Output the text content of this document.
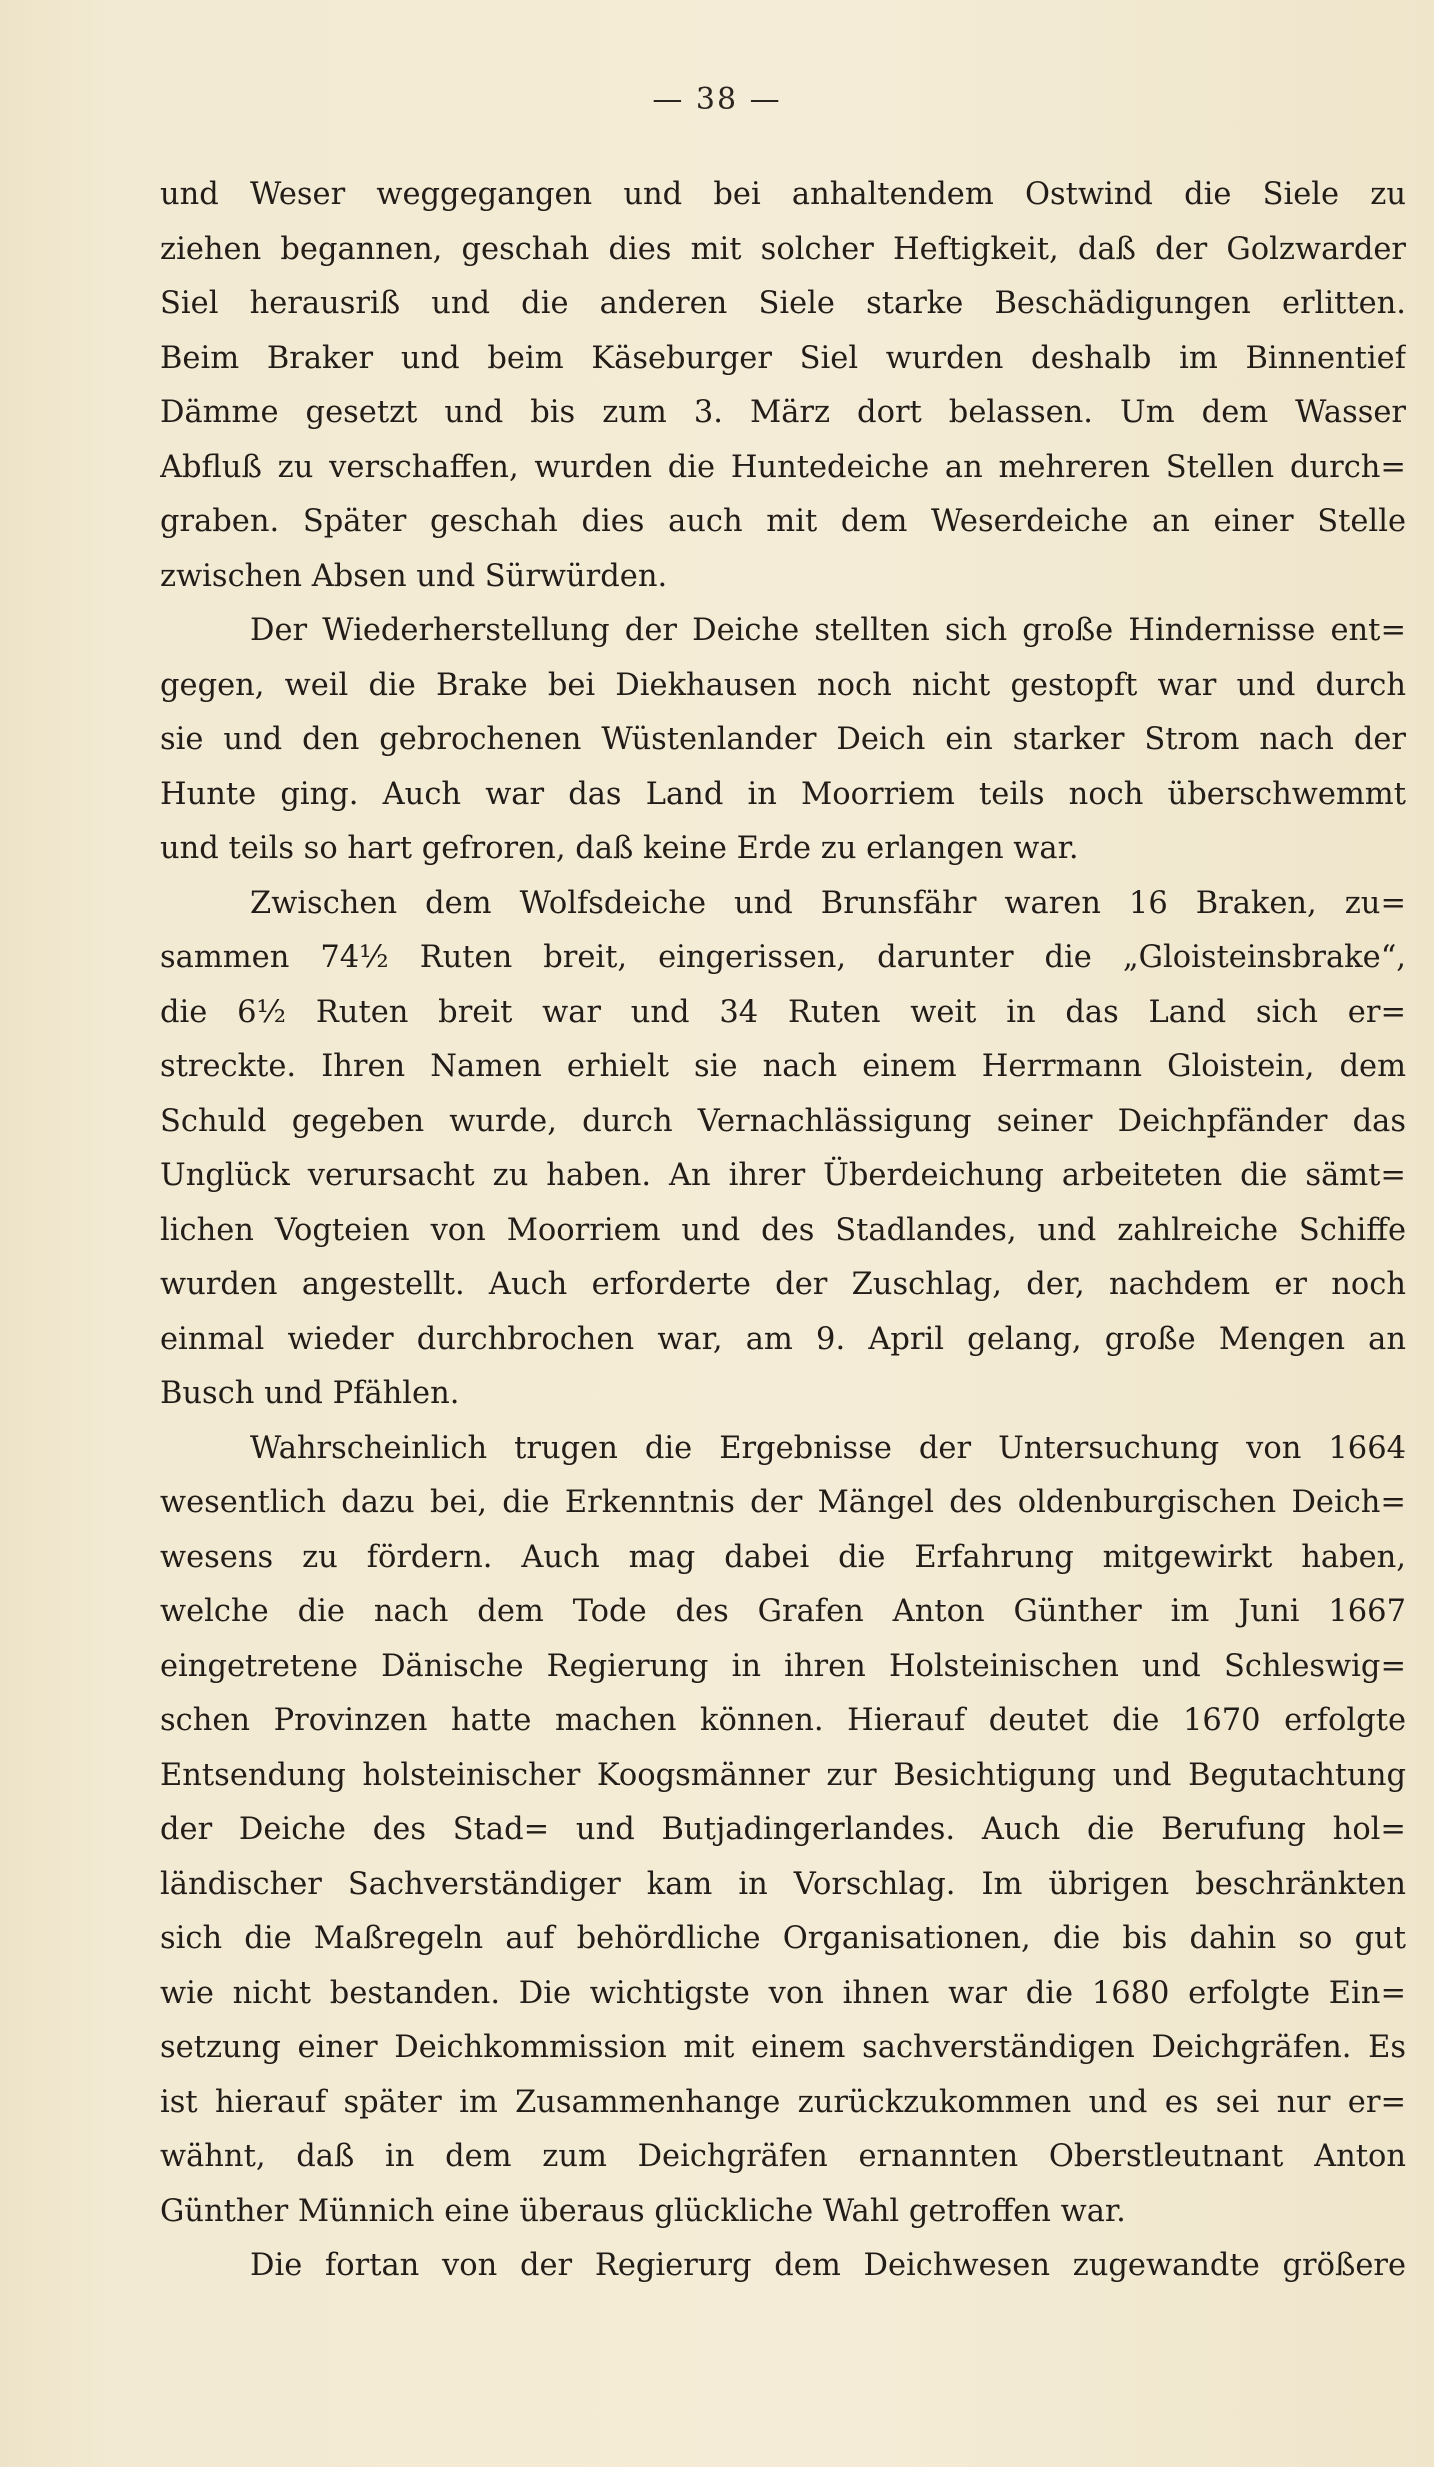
— 38 —
und Weser weggegangen und bei anhaltendem Ostwind die Siele zu
ziehen begannen, geschah dies mit solcher Heftigkeit, daß der Golzwarder
Siel herausriß und die anderen Siele starke Beschädigungen erlitten.
Beim Braker und beim Käseburger Siel wurden deshalb im Binnentief
Dämme gesetzt und bis zum 3. März dort belassen. Um dem Wasser
Abfluß zu verschaffen, wurden die Huntedeiche an mehreren Stellen durch=
graben. Später geschah dies auch mit dem Weserdeiche an einer Stelle
zwischen Absen und Sürwürden.
Der Wiederherstellung der Deiche stellten sich große Hindernisse ent=
gegen, weil die Brake bei Diekhausen noch nicht gestopft war und durch
sie und den gebrochenen Wüstenlander Deich ein starker Strom nach der
Hunte ging. Auch war das Land in Moorriem teils noch überschwemmt
und teils so hart gefroren, daß keine Erde zu erlangen war.
Zwischen dem Wolfsdeiche und Brunsfähr waren 16 Braken, zu=
sammen 74½ Ruten breit, eingerissen, darunter die „Gloisteinsbrake“,
die 6½ Ruten breit war und 34 Ruten weit in das Land sich er=
streckte. Ihren Namen erhielt sie nach einem Herrmann Gloistein, dem
Schuld gegeben wurde, durch Vernachlässigung seiner Deichpfänder das
Unglück verursacht zu haben. An ihrer Überdeichung arbeiteten die sämt=
lichen Vogteien von Moorriem und des Stadlandes, und zahlreiche Schiffe
wurden angestellt. Auch erforderte der Zuschlag, der, nachdem er noch
einmal wieder durchbrochen war, am 9. April gelang, große Mengen an
Busch und Pfählen.
Wahrscheinlich trugen die Ergebnisse der Untersuchung von 1664
wesentlich dazu bei, die Erkenntnis der Mängel des oldenburgischen Deich=
wesens zu fördern. Auch mag dabei die Erfahrung mitgewirkt haben,
welche die nach dem Tode des Grafen Anton Günther im Juni 1667
eingetretene Dänische Regierung in ihren Holsteinischen und Schleswig=
schen Provinzen hatte machen können. Hierauf deutet die 1670 erfolgte
Entsendung holsteinischer Koogsmänner zur Besichtigung und Begutachtung
der Deiche des Stad= und Butjadingerlandes. Auch die Berufung hol=
ländischer Sachverständiger kam in Vorschlag. Im übrigen beschränkten
sich die Maßregeln auf behördliche Organisationen, die bis dahin so gut
wie nicht bestanden. Die wichtigste von ihnen war die 1680 erfolgte Ein=
setzung einer Deichkommission mit einem sachverständigen Deichgräfen. Es
ist hierauf später im Zusammenhange zurückzukommen und es sei nur er=
wähnt, daß in dem zum Deichgräfen ernannten Oberstleutnant Anton
Günther Münnich eine überaus glückliche Wahl getroffen war.
Die fortan von der Regierurg dem Deichwesen zugewandte größere
